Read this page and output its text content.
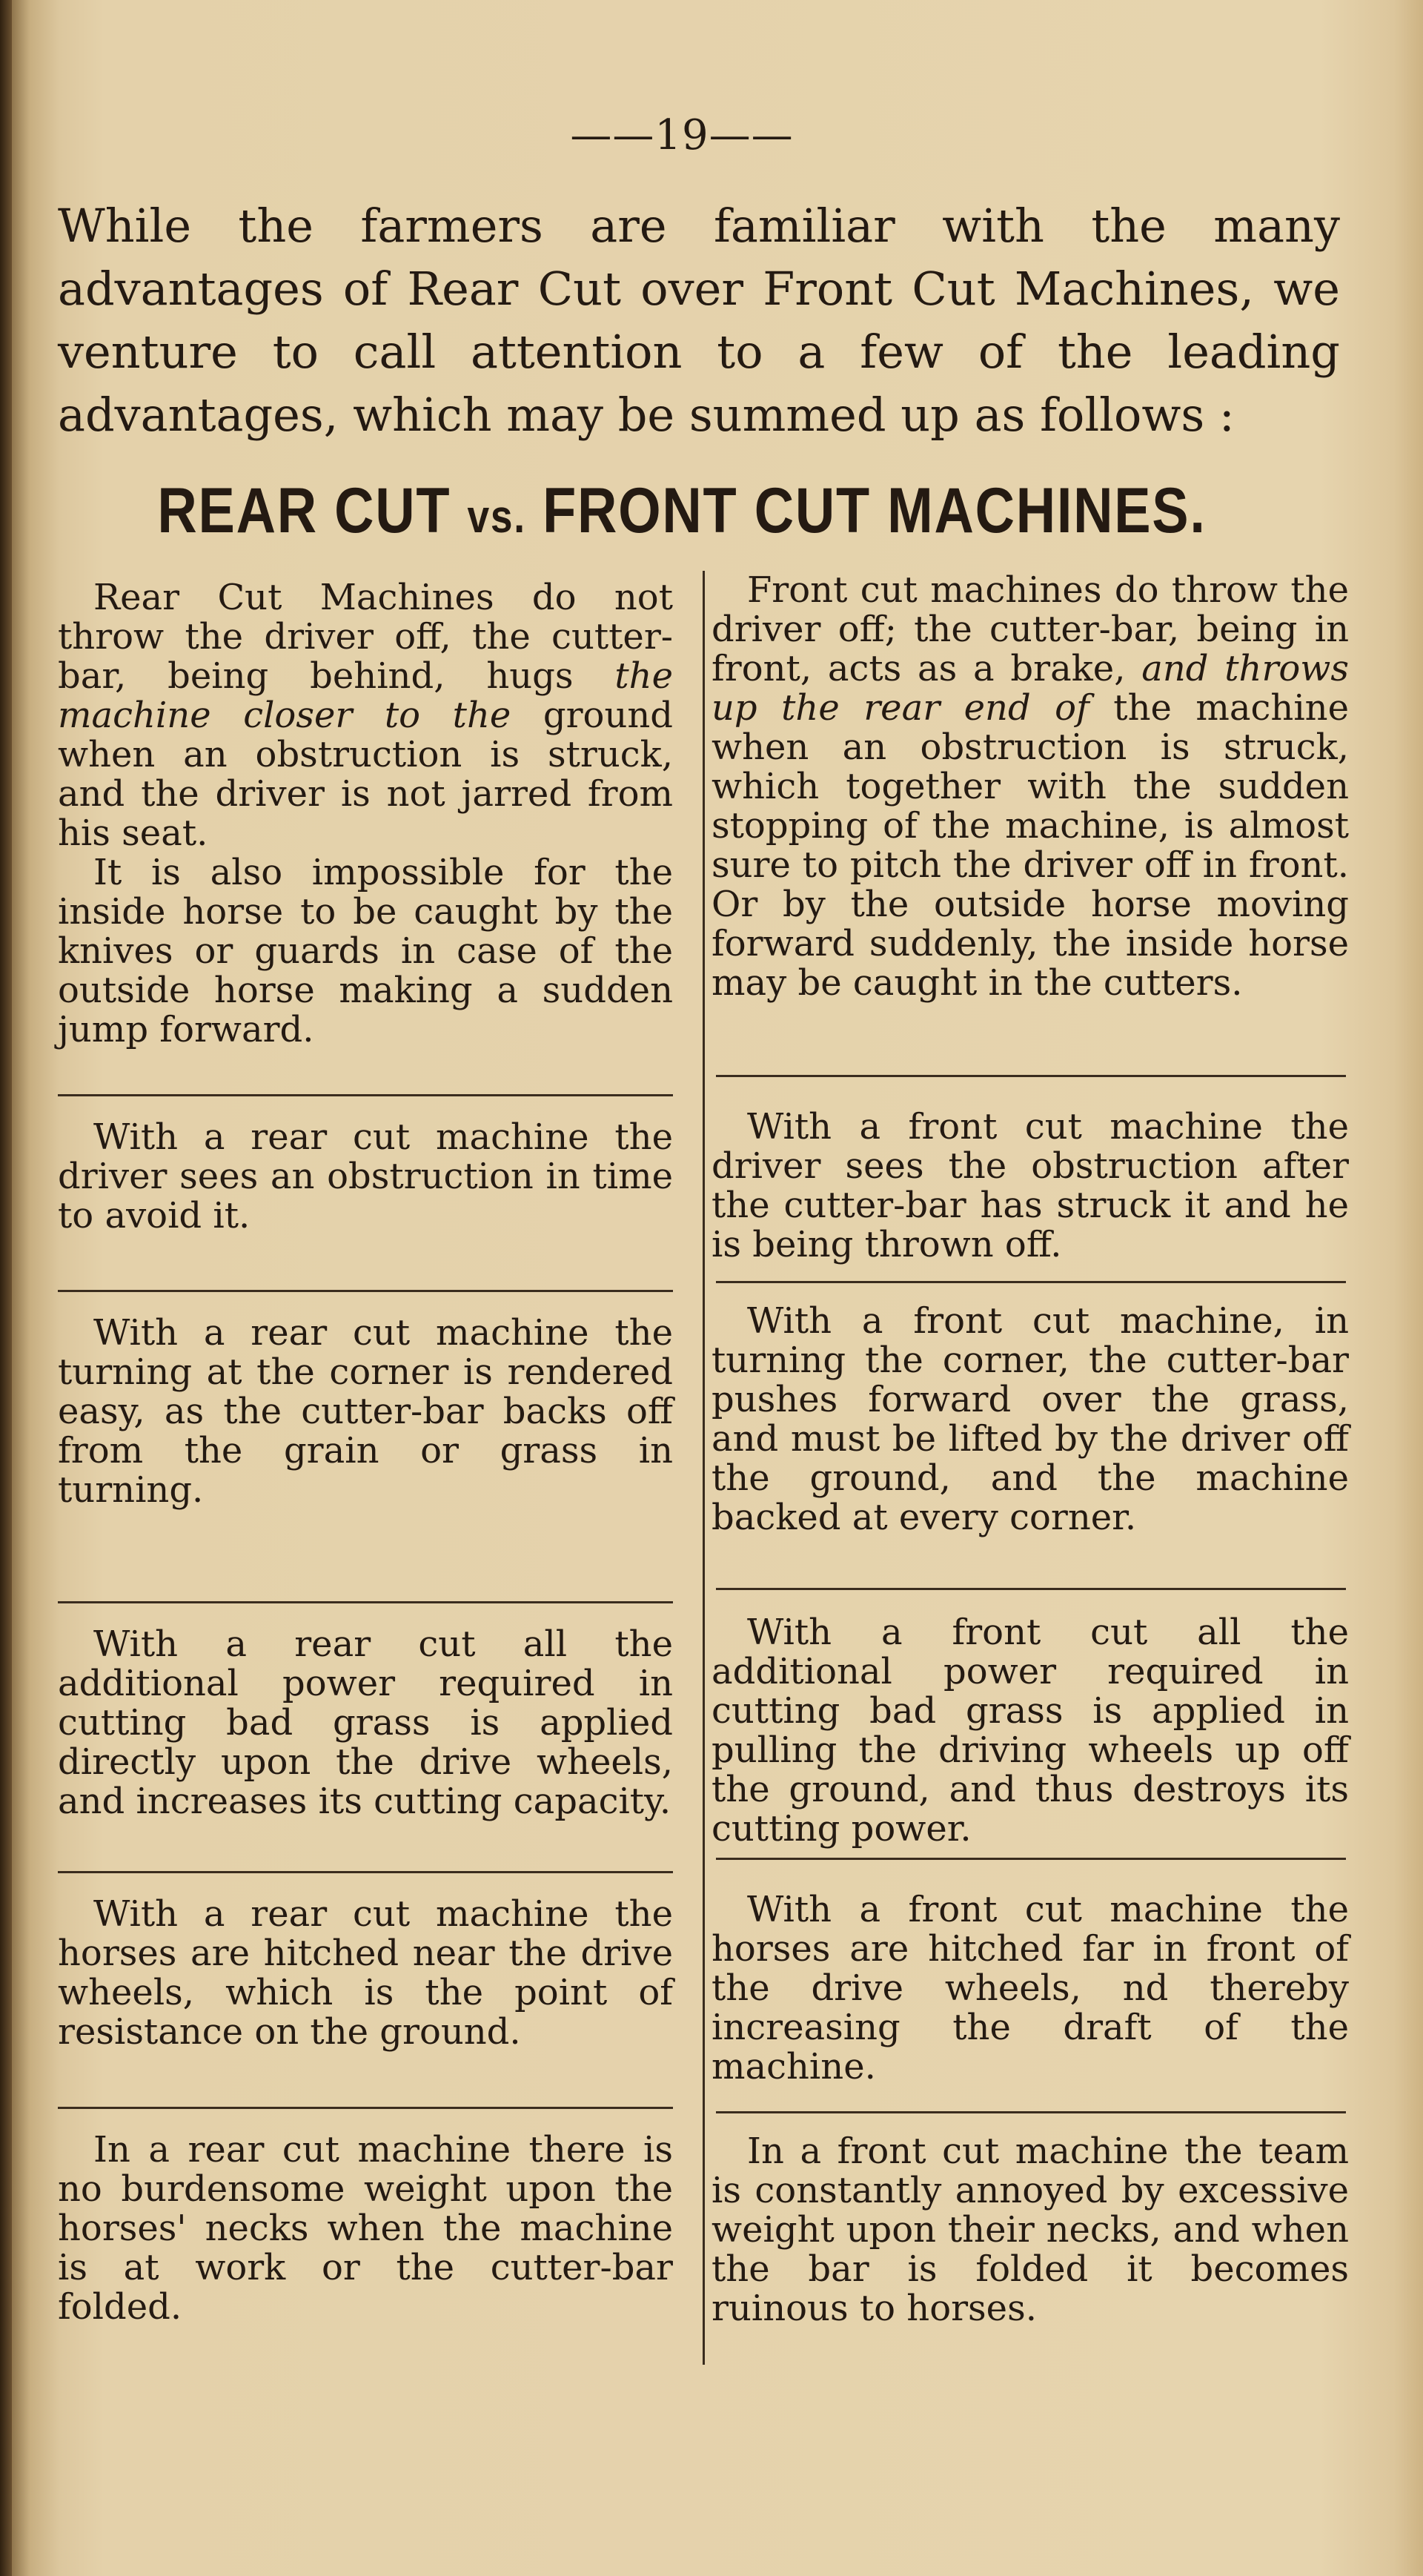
——19——
While the farmers are familiar with the many advantages of Rear Cut over Front Cut Machines, we venture to call attention to a few of the leading advantages, which may be summed up as follows :
REAR CUT vs. FRONT CUT MACHINES.

Rear Cut Machines do not throw the driver off, the cutter-bar, being behind, hugs the machine closer to the ground when an obstruction is struck, and the driver is not jarred from his seat.

It is also impossible for the inside horse to be caught by the knives or guards in case of the outside horse making a sudden jump forward.

With a rear cut machine the driver sees an obstruction in time to avoid it.

With a rear cut machine the turning at the corner is rendered easy, as the cutter-bar backs off from the grain or grass in turning.

With a rear cut all the additional power required in cutting bad grass is applied directly upon the drive wheels, and increases its cutting capacity.

With a rear cut machine the horses are hitched near the drive wheels, which is the point of resistance on the ground.

In a rear cut machine there is no burdensome weight upon the horses' necks when the machine is at work or the cutter-bar folded.

Front cut machines do throw the driver off; the cutter-bar, being in front, acts as a brake, and throws up the rear end of the machine when an obstruction is struck, which together with the sudden stopping of the machine, is almost sure to pitch the driver off in front. Or by the outside horse moving forward suddenly, the inside horse may be caught in the cutters.

With a front cut machine the driver sees the obstruction after the cutter-bar has struck it and he is being thrown off.

With a front cut machine, in turning the corner, the cutter-bar pushes forward over the grass, and must be lifted by the driver off the ground, and the machine backed at every corner.

With a front cut all the additional power required in cutting bad grass is applied in pulling the driving wheels up off the ground, and thus destroys its cutting power.

With a front cut machine the horses are hitched far in front of the drive wheels, nd thereby increasing the draft of the machine.

In a front cut machine the team is constantly annoyed by excessive weight upon their necks, and when the bar is folded it becomes ruinous to horses.
